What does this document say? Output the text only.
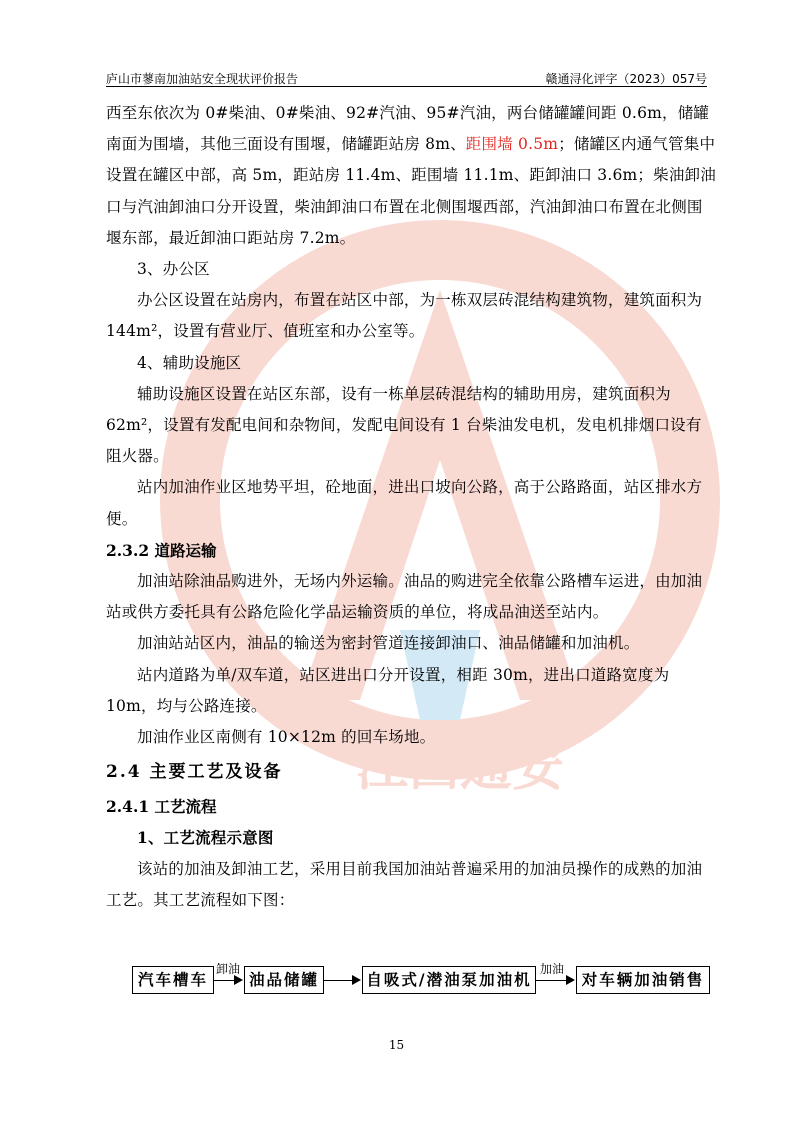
庐山市蓼南加油站安全现状评价报告	赣通浔化评字（2023）057号
江西通安

西至东依次为 0#柴油、0#柴油、92#汽油、95#汽油，两台储罐罐间距 0.6m，储罐南面为围墙，其他三面设有围堰，储罐距站房 8m、距围墙 0.5m；储罐区内通气管集中设置在罐区中部，高 5m，距站房 11.4m、距围墙 11.1m、距卸油口 3.6m；柴油卸油口与汽油卸油口分开设置，柴油卸油口布置在北侧围堰西部，汽油卸油口布置在北侧围堰东部，最近卸油口距站房 7.2m。

3、办公区

办公区设置在站房内，布置在站区中部，为一栋双层砖混结构建筑物，建筑面积为 144m²，设置有营业厅、值班室和办公室等。

4、辅助设施区

辅助设施区设置在站区东部，设有一栋单层砖混结构的辅助用房，建筑面积为 62m²，设置有发配电间和杂物间，发配电间设有 1 台柴油发电机，发电机排烟口设有阻火器。

站内加油作业区地势平坦，砼地面，进出口坡向公路，高于公路路面，站区排水方便。

2.3.2 道路运输

加油站除油品购进外，无场内外运输。油品的购进完全依靠公路槽车运进，由加油站或供方委托具有公路危险化学品运输资质的单位，将成品油送至站内。

加油站站区内，油品的输送为密封管道连接卸油口、油品储罐和加油机。

站内道路为单/双车道，站区进出口分开设置，相距 30m，进出口道路宽度为 10m，均与公路连接。

加油作业区南侧有 10×12m 的回车场地。

2.4 主要工艺及设备

2.4.1 工艺流程

1、工艺流程示意图

该站的加油及卸油工艺，采用目前我国加油站普遍采用的加油员操作的成熟的加油工艺。其工艺流程如下图：

汽车槽车
卸油
油品储罐	自吸式/潜油泵加油机
加油
对车辆加油销售
15
